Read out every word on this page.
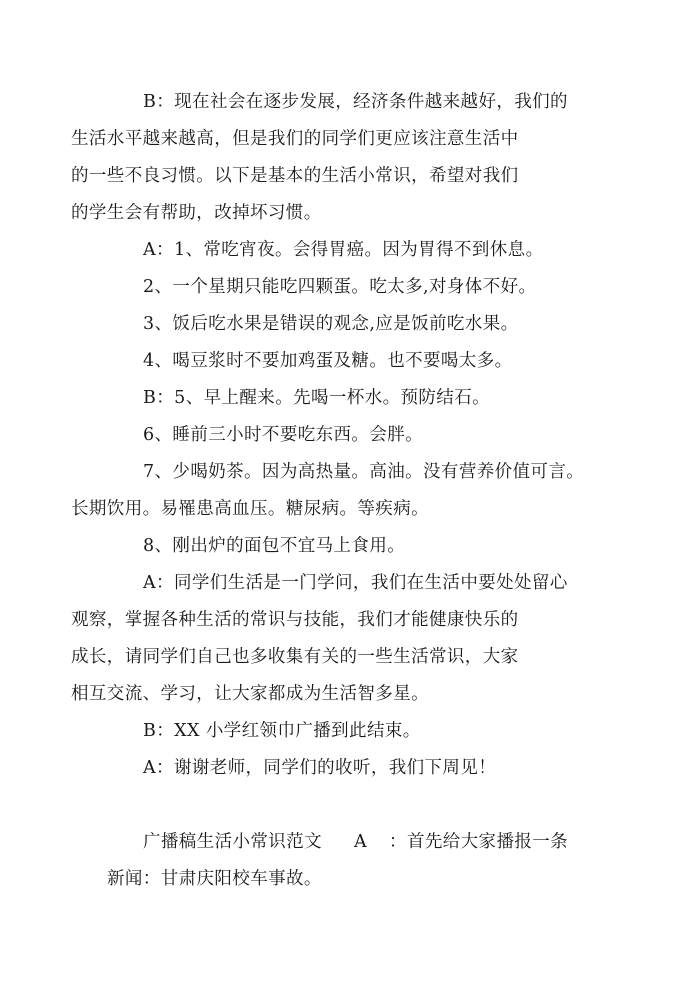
B：现在社会在逐步发展，经济条件越来越好，我们的
生活水平越来越高，但是我们的同学们更应该注意生活中
的一些不良习惯。以下是基本的生活小常识，希望对我们
的学生会有帮助，改掉坏习惯。

A：1、常吃宵夜。会得胃癌。因为胃得不到休息。

2、一个星期只能吃四颗蛋。吃太多,对身体不好。

3、饭后吃水果是错误的观念,应是饭前吃水果。

4、喝豆浆时不要加鸡蛋及糖。也不要喝太多。

B：5、早上醒来。先喝一杯水。预防结石。

6、睡前三小时不要吃东西。会胖。

7、少喝奶茶。因为高热量。高油。没有营养价值可言。
长期饮用。易罹患高血压。糖尿病。等疾病。

8、刚出炉的面包不宜马上食用。

A：同学们生活是一门学问，我们在生活中要处处留心
观察，掌握各种生活的常识与技能，我们才能健康快乐的
成长，请同学们自己也多收集有关的一些生活常识，大家
相互交流、学习，让大家都成为生活智多星。

B：XX 小学红领巾广播到此结束。

A：谢谢老师，同学们的收听，我们下周见！

广播稿生活小常识范文 A ：首先给大家播报一条

新闻：甘肃庆阳校车事故。
